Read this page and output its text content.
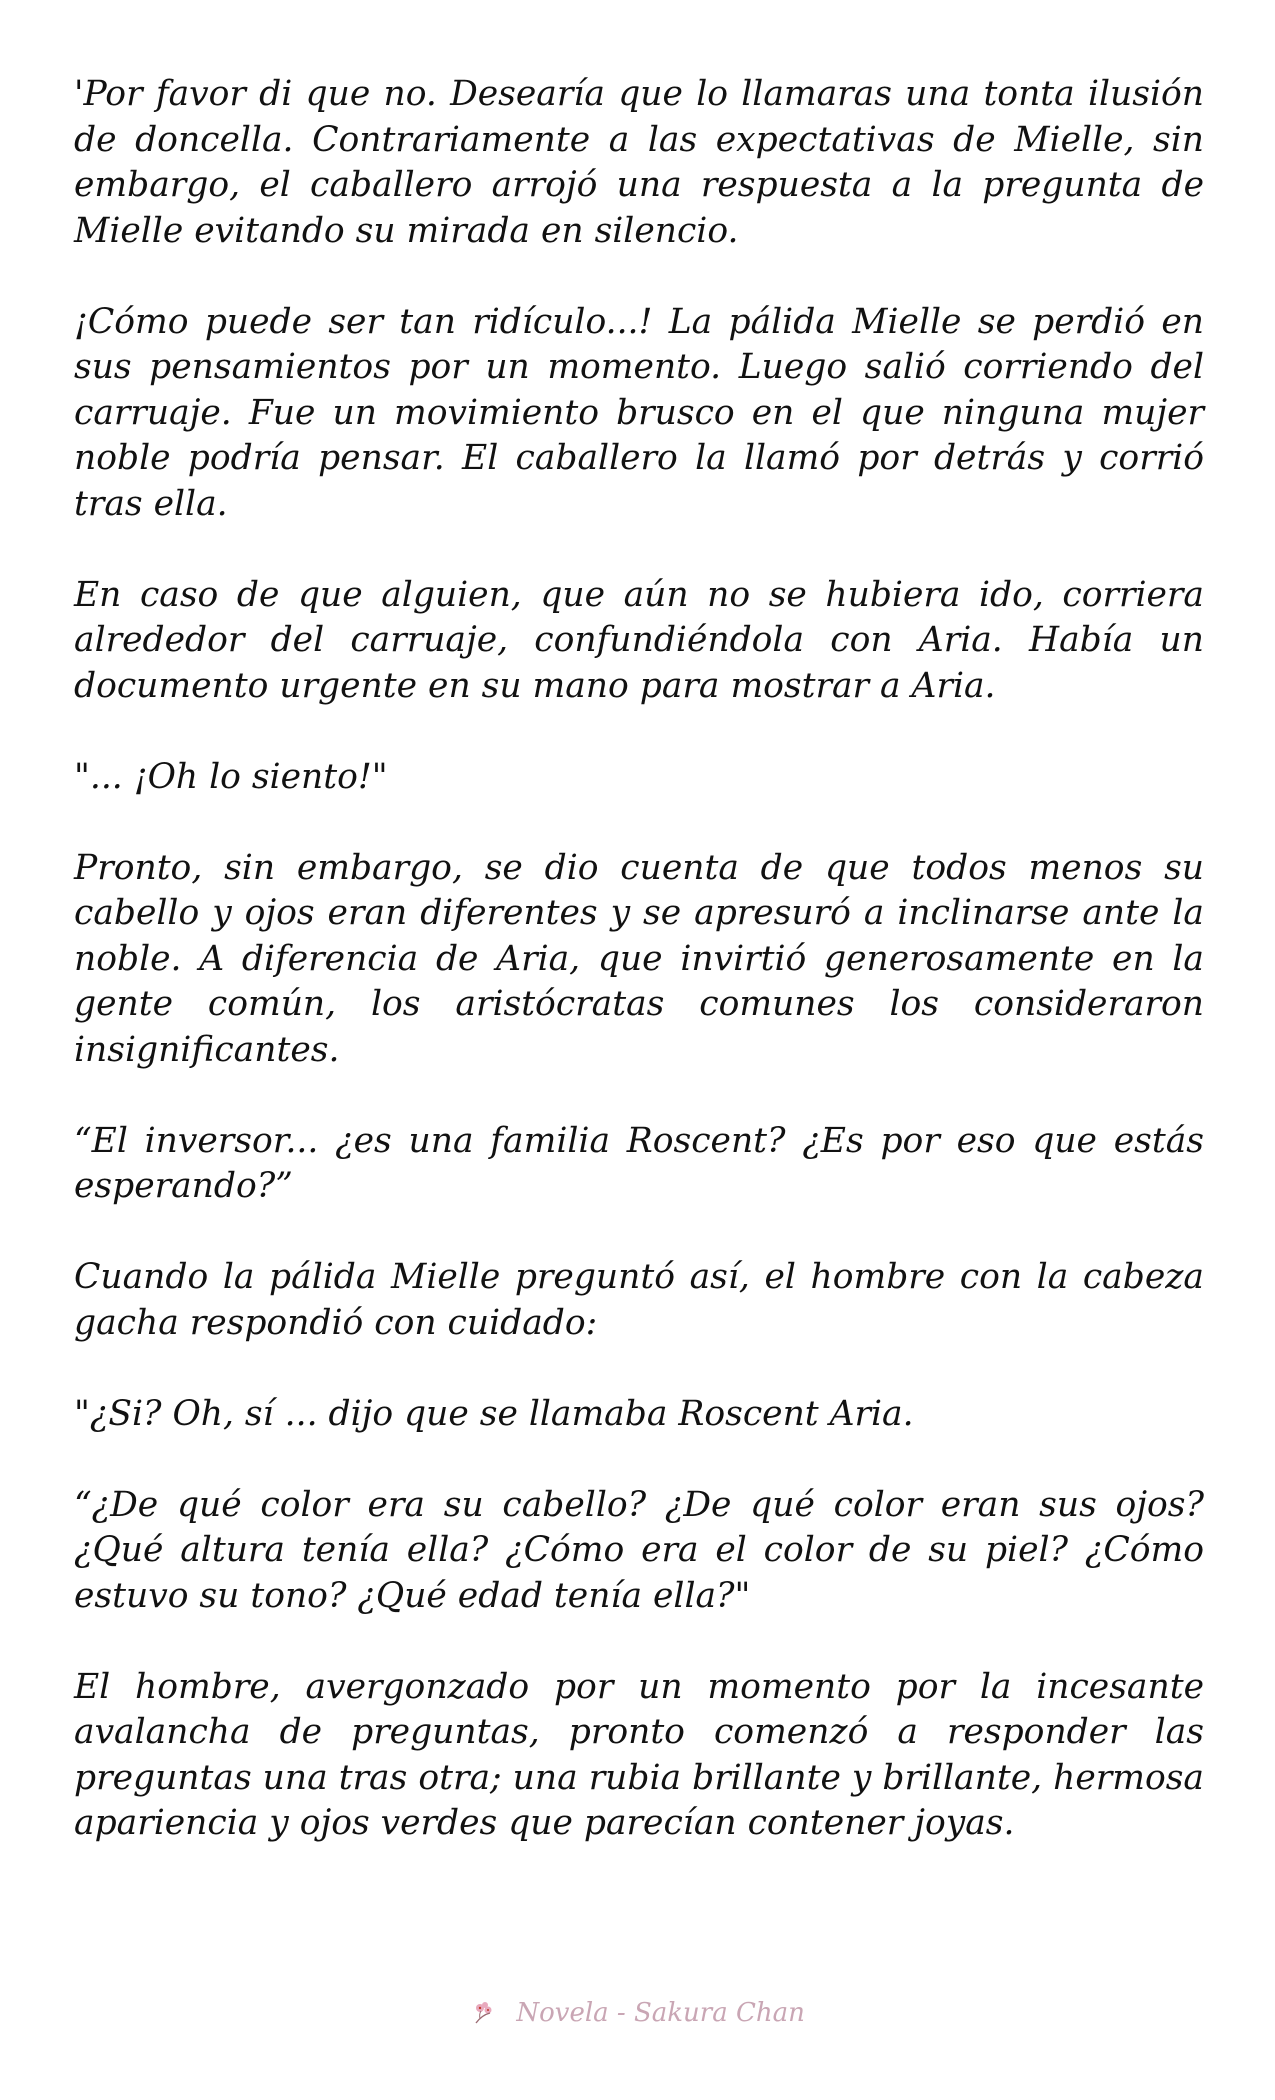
'Por favor di que no. Desearía que lo llamaras una tonta ilusión de doncella. Contrariamente a las expectativas de Mielle, sin embargo, el caballero arrojó una respuesta a la pregunta de Mielle evitando su mirada en silencio.

¡Cómo puede ser tan ridículo...! La pálida Mielle se perdió en sus pensamientos por un momento. Luego salió corriendo del carruaje. Fue un movimiento brusco en el que ninguna mujer noble podría pensar. El caballero la llamó por detrás y corrió tras ella.

En caso de que alguien, que aún no se hubiera ido, corriera alrededor del carruaje, confundiéndola con Aria. Había un documento urgente en su mano para mostrar a Aria.

"... ¡Oh lo siento!"

Pronto, sin embargo, se dio cuenta de que todos menos su cabello y ojos eran diferentes y se apresuró a inclinarse ante la noble. A diferencia de Aria, que invirtió generosamente en la gente común, los aristócratas comunes los consideraron insignificantes.

“El inversor... ¿es una familia Roscent? ¿Es por eso que estás esperando?”

Cuando la pálida Mielle preguntó así, el hombre con la cabeza gacha respondió con cuidado:

"¿Si? Oh, sí ... dijo que se llamaba Roscent Aria.

“¿De qué color era su cabello? ¿De qué color eran sus ojos? ¿Qué altura tenía ella? ¿Cómo era el color de su piel? ¿Cómo estuvo su tono? ¿Qué edad tenía ella?"

El hombre, avergonzado por un momento por la incesante avalancha de preguntas, pronto comenzó a responder las preguntas una tras otra; una rubia brillante y brillante, hermosa apariencia y ojos verdes que parecían contener joyas.

Novela - Sakura Chan
